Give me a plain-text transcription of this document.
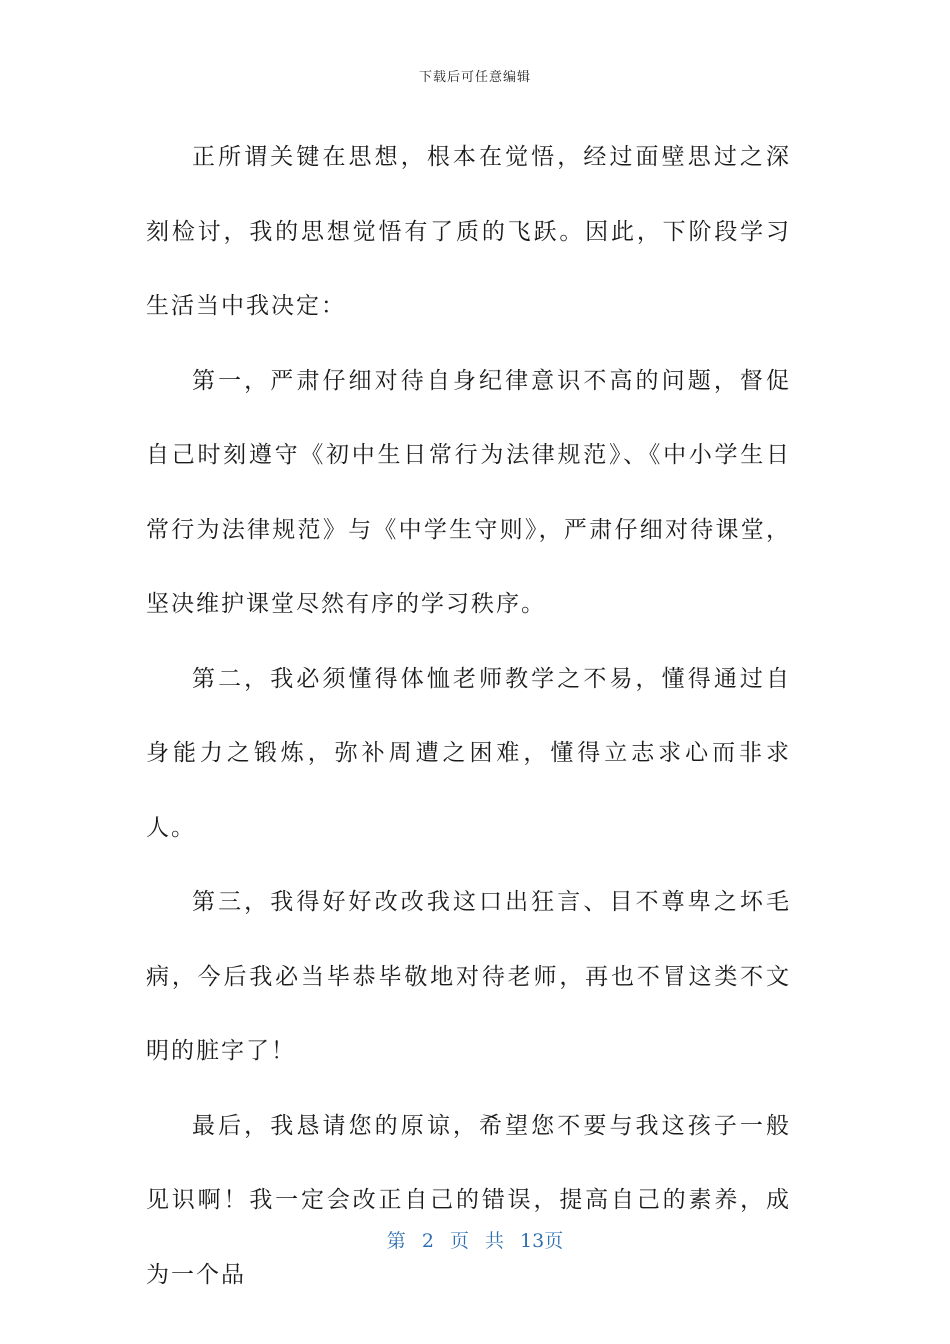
下载后可任意编辑

正所谓关键在思想，根本在觉悟，经过面壁思过之深刻检讨，我的思想觉悟有了质的飞跃。因此，下阶段学习生活当中我决定：

第一，严肃仔细对待自身纪律意识不高的问题，督促自己时刻遵守《初中生日常行为法律规范》、《中小学生日常行为法律规范》与《中学生守则》，严肃仔细对待课堂，坚决维护课堂尽然有序的学习秩序。

第二，我必须懂得体恤老师教学之不易，懂得通过自身能力之锻炼，弥补周遭之困难，懂得立志求心而非求人。

第三，我得好好改改我这口出狂言、目不尊卑之坏毛病，今后我必当毕恭毕敬地对待老师，再也不冒这类不文明的脏字了！

最后，我恳请您的原谅，希望您不要与我这孩子一般见识啊！我一定会改正自己的错误，提高自己的素养，成为一个品

第 2 页 共 13页
